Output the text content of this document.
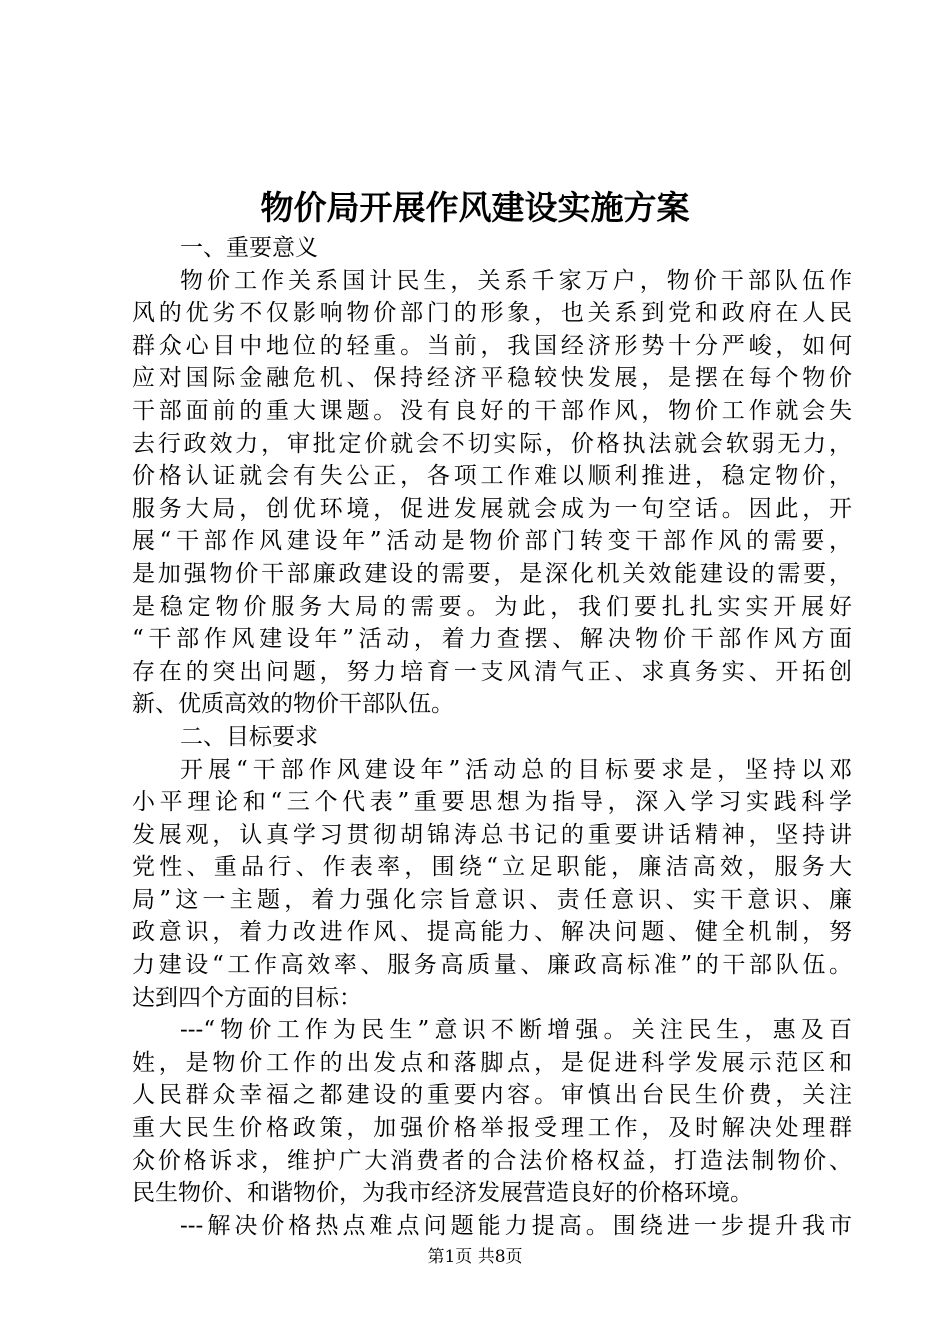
物价局开展作风建设实施方案
一、重要意义
物价工作关系国计民生，关系千家万户，物价干部队伍作
风的优劣不仅影响物价部门的形象，也关系到党和政府在人民
群众心目中地位的轻重。当前，我国经济形势十分严峻，如何
应对国际金融危机、保持经济平稳较快发展，是摆在每个物价
干部面前的重大课题。没有良好的干部作风，物价工作就会失
去行政效力，审批定价就会不切实际，价格执法就会软弱无力，
价格认证就会有失公正，各项工作难以顺利推进，稳定物价，
服务大局，创优环境，促进发展就会成为一句空话。因此，开
展“干部作风建设年”活动是物价部门转变干部作风的需要，
是加强物价干部廉政建设的需要，是深化机关效能建设的需要，
是稳定物价服务大局的需要。为此，我们要扎扎实实开展好
“干部作风建设年”活动，着力查摆、解决物价干部作风方面
存在的突出问题，努力培育一支风清气正、求真务实、开拓创
新、优质高效的物价干部队伍。
二、目标要求
开展“干部作风建设年”活动总的目标要求是，坚持以邓
小平理论和“三个代表”重要思想为指导，深入学习实践科学
发展观，认真学习贯彻胡锦涛总书记的重要讲话精神，坚持讲
党性、重品行、作表率，围绕“立足职能，廉洁高效，服务大
局”这一主题，着力强化宗旨意识、责任意识、实干意识、廉
政意识，着力改进作风、提高能力、解决问题、健全机制，努
力建设“工作高效率、服务高质量、廉政高标准”的干部队伍。
达到四个方面的目标：
---“物价工作为民生”意识不断增强。关注民生，惠及百
姓，是物价工作的出发点和落脚点，是促进科学发展示范区和
人民群众幸福之都建设的重要内容。审慎出台民生价费，关注
重大民生价格政策，加强价格举报受理工作，及时解决处理群
众价格诉求，维护广大消费者的合法价格权益，打造法制物价、
民生物价、和谐物价，为我市经济发展营造良好的价格环境。
---解决价格热点难点问题能力提高。围绕进一步提升我市
第1页 共8页
